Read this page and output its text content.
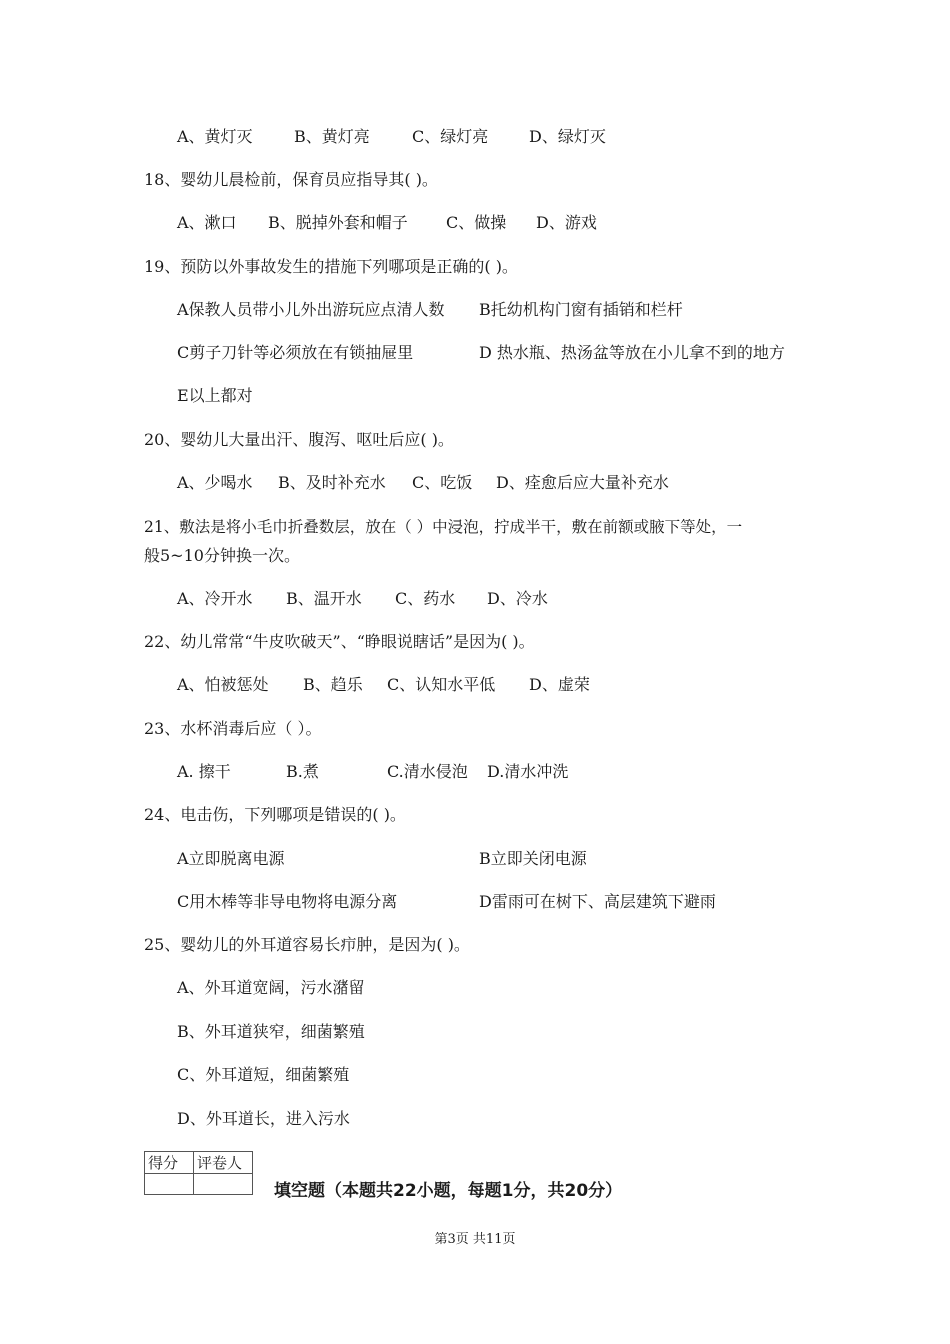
A、黄灯灭	B、黄灯亮	C、绿灯亮	D、绿灯灭
18、婴幼儿晨检前，保育员应指导其( )。
A、漱口 B、脱掉外套和帽子 C、做操 D、游戏
19、预防以外事故发生的措施下列哪项是正确的( )。
A保教人员带小儿外出游玩应点清人数 B托幼机构门窗有插销和栏杆
C剪子刀针等必须放在有锁抽屉里	D 热水瓶、热汤盆等放在小儿拿不到的地方
E以上都对
20、婴幼儿大量出汗、腹泻、呕吐后应( )。
A、少喝水 B、及时补充水 C、吃饭 D、痊愈后应大量补充水
21、敷法是将小毛巾折叠数层，放在（ ）中浸泡，拧成半干，敷在前额或腋下等处，一
般5~10分钟换一次。
A、冷开水 B、温开水 C、药水 D、冷水
22、幼儿常常“牛皮吹破天”、“睁眼说瞎话”是因为( )。
A、怕被惩处 B、趋乐 C、认知水平低 D、虚荣
23、水杯消毒后应（ ）。
A. 擦干	B.煮	C.清水侵泡 D.清水冲洗
24、电击伤，下列哪项是错误的( )。
A立即脱离电源	B立即关闭电源
C用木棒等非导电物将电源分离	D雷雨可在树下、高层建筑下避雨
25、婴幼儿的外耳道容易长疖肿，是因为( )。
A、外耳道宽阔，污水潴留
B、外耳道狭窄，细菌繁殖
C、外耳道短，细菌繁殖
D、外耳道长，进入污水
得分	评卷人

填空题（本题共22小题，每题1分，共20分）
第3页 共11页
